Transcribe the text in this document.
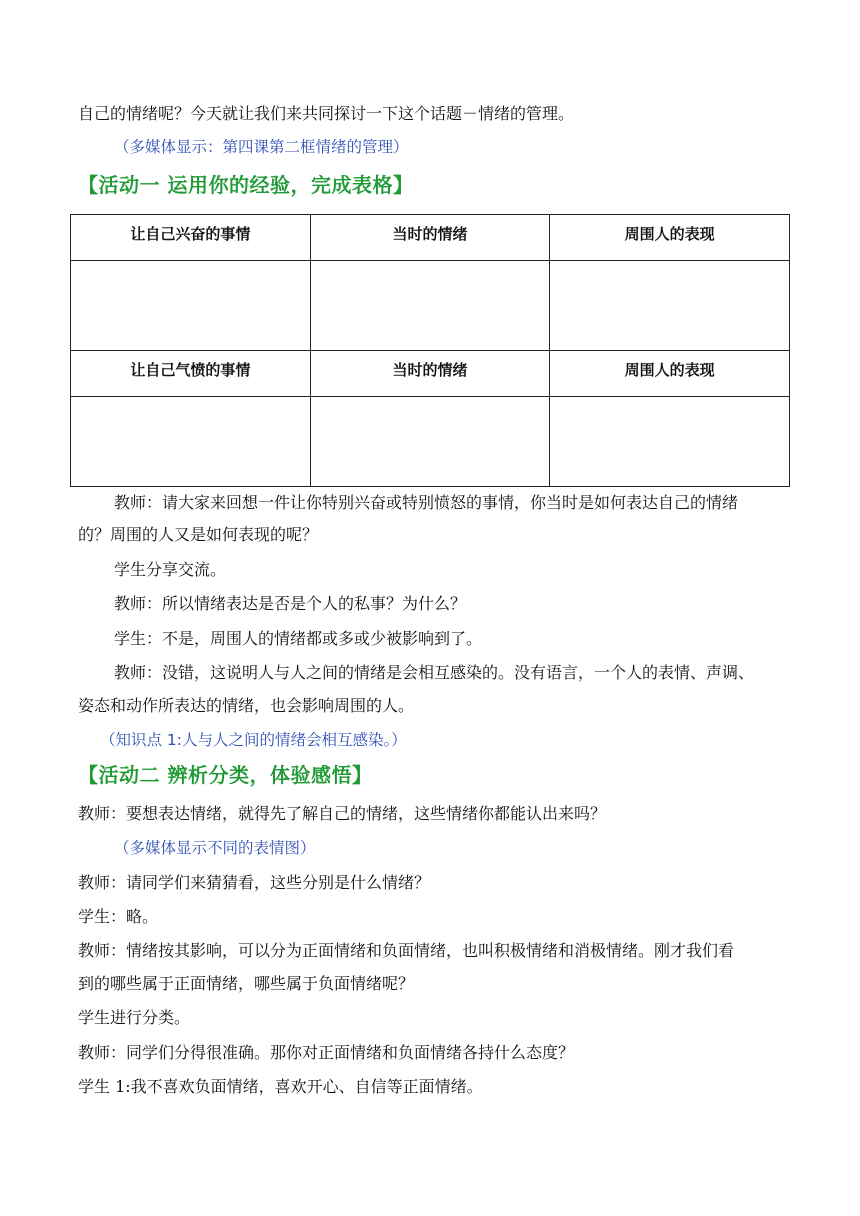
自己的情绪呢？今天就让我们来共同探讨一下这个话题－情绪的管理。
（多媒体显示：第四课第二框情绪的管理）
【活动一 运用你的经验，完成表格】
让自己兴奋的事情	当时的情绪	周围人的表现

让自己气愤的事情	当时的情绪	周围人的表现

教师：请大家来回想一件让你特别兴奋或特别愤怒的事情，你当时是如何表达自己的情绪
的？周围的人又是如何表现的呢？
学生分享交流。
教师：所以情绪表达是否是个人的私事？为什么？
学生：不是，周围人的情绪都或多或少被影响到了。
教师：没错，这说明人与人之间的情绪是会相互感染的。没有语言，一个人的表情、声调、
姿态和动作所表达的情绪，也会影响周围的人。
（知识点 1:人与人之间的情绪会相互感染。）
【活动二 辨析分类，体验感悟】
教师：要想表达情绪，就得先了解自己的情绪，这些情绪你都能认出来吗？
（多媒体显示不同的表情图）
教师：请同学们来猜猜看，这些分别是什么情绪？
学生：略。
教师：情绪按其影响，可以分为正面情绪和负面情绪，也叫积极情绪和消极情绪。刚才我们看
到的哪些属于正面情绪，哪些属于负面情绪呢？
学生进行分类。
教师：同学们分得很准确。那你对正面情绪和负面情绪各持什么态度？
学生 1:我不喜欢负面情绪，喜欢开心、自信等正面情绪。
